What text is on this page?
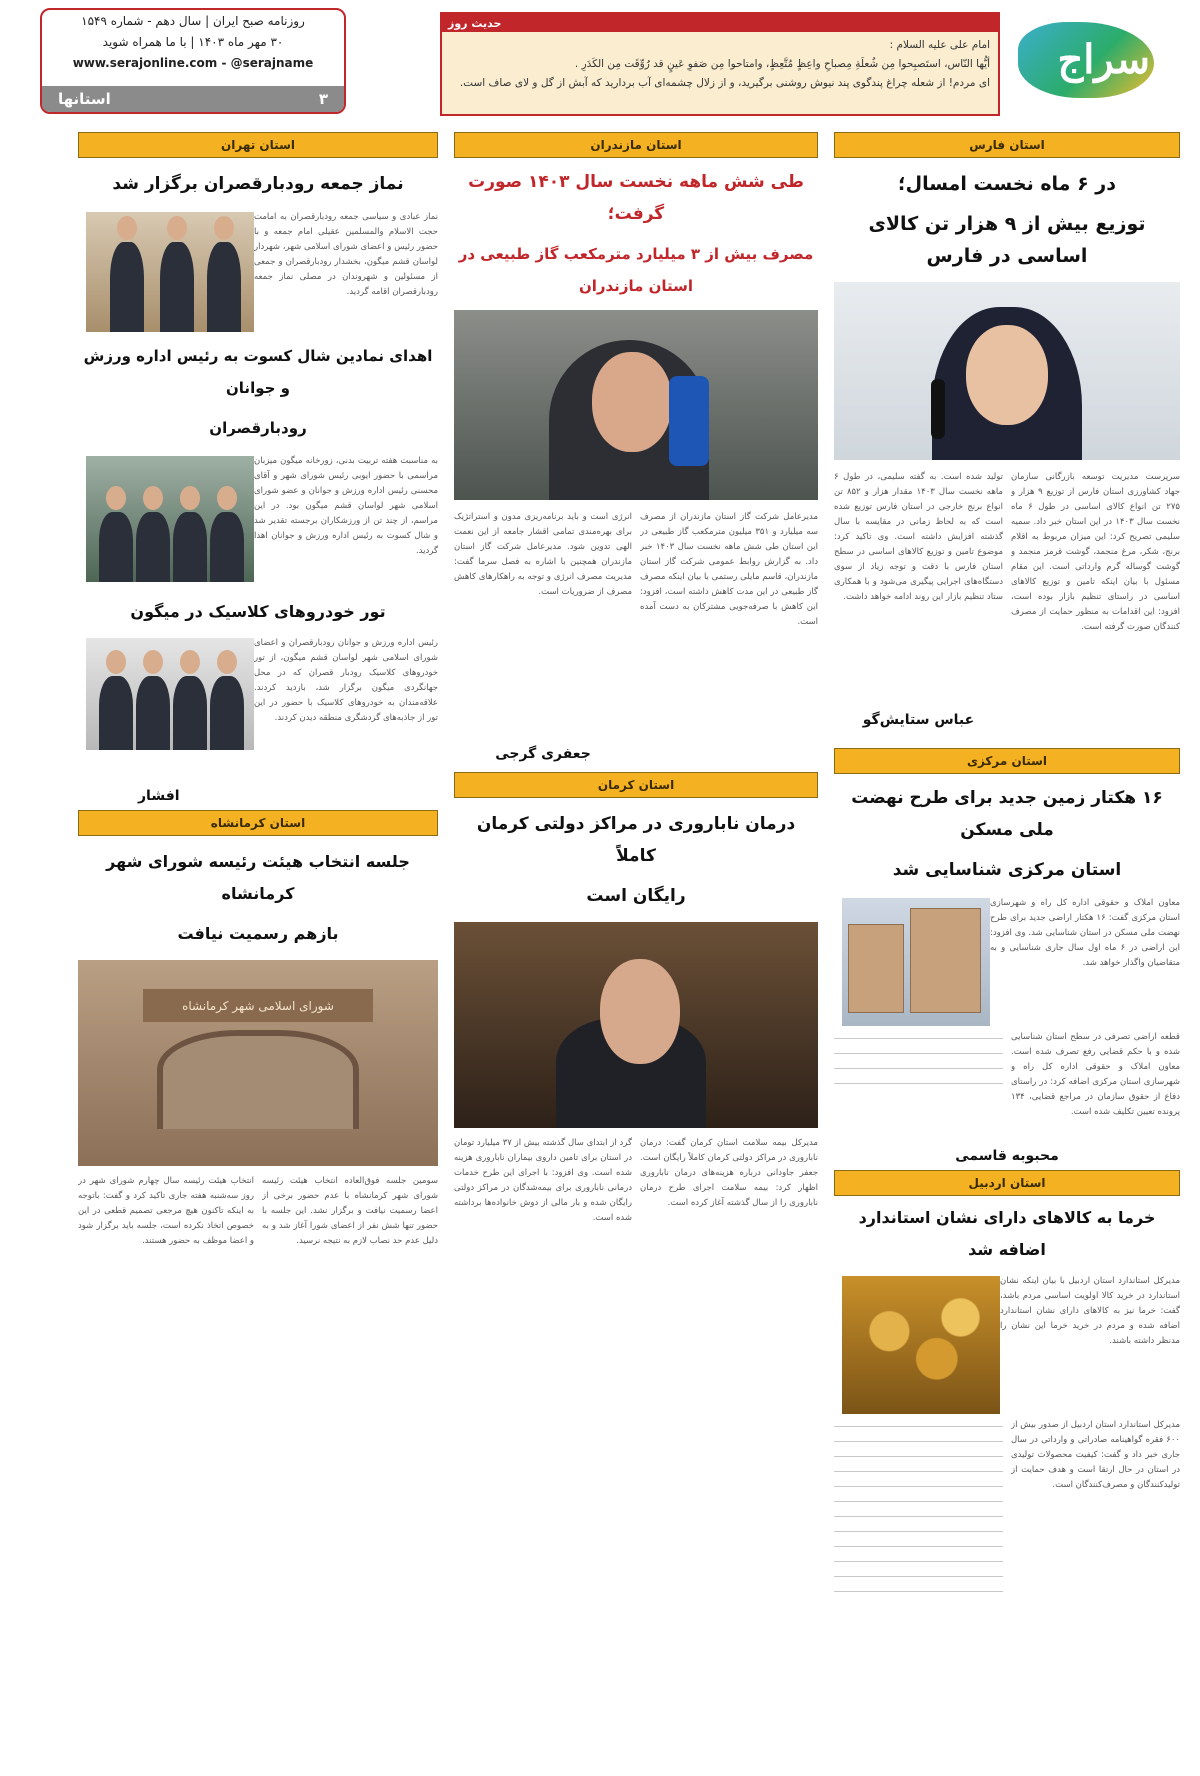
سراج
حدیث روز
امام علی علیه السلام :
أيُّها النّاس، استَصبِحوا مِن شُعلَةِ مِصباحِ واعِظٍ مُتَّعِظٍ، وامتاحوا مِن صَفوِ عَينٍ قد رُوِّقَت مِن الكَدَرِ .
ای مردم! از شعله چراغ پندگوی پند نیوش روشنی برگیرید، و از زلال چشمه‌ای آب بردارید که آبش از گل و لای صاف است.
روزنامه صبح ایران | سال دهم - شماره ۱۵۴۹
۳۰ مهر ماه ۱۴۰۳ | با ما همراه شوید
www.serajonline.com - @serajname
۳
استانها
استان فارس
در ۶ ماه نخست امسال؛
توزیع بیش از ۹ هزار تن کالای اساسی در فارس
سرپرست مدیریت توسعه بازرگانی سازمان جهاد کشاورزی استان فارس از توزیع ۹ هزار و ۲۷۵ تن انواع کالای اساسی در طول ۶ ماه نخست سال ۱۴۰۳ در این استان خبر داد. سمیه سلیمی تصریح کرد: این میزان مربوط به اقلام برنج، شکر، مرغ منجمد، گوشت قرمز منجمد و گوشت گوساله گرم وارداتی است. این مقام مسئول با بیان اینکه تامین و توزیع کالاهای اساسی در راستای تنظیم بازار بوده است، افزود: این اقدامات به منظور حمایت از مصرف کنندگان صورت گرفته است.
تولید شده است. به گفته سلیمی، در طول ۶ ماهه نخست سال ۱۴۰۳ مقدار هزار و ۸۵۲ تن انواع برنج خارجی در استان فارس توزیع شده است که به لحاظ زمانی در مقایسه با سال گذشته افزایش داشته است. وی تاکید کرد: موضوع تامین و توزیع کالاهای اساسی در سطح استان فارس با دقت و توجه زیاد از سوی دستگاه‌های اجرایی پیگیری می‌شود و با همکاری ستاد تنظیم بازار این روند ادامه خواهد داشت.
عباس ستایش‌گو
استان مرکزی
۱۶ هکتار زمین جدید برای طرح نهضت ملی مسکن
استان مرکزی شناسایی شد
معاون املاک و حقوقی اداره کل راه و شهرسازی استان مرکزی گفت: ۱۶ هکتار اراضی جدید برای طرح نهضت ملی مسکن در استان شناسایی شد. وی افزود: این اراضی در ۶ ماه اول سال جاری شناسایی و به متقاضیان واگذار خواهد شد.
قطعه اراضی تصرفی در سطح استان شناسایی شده و با حکم قضایی رفع تصرف شده است. معاون املاک و حقوقی اداره کل راه و شهرسازی استان مرکزی اضافه کرد: در راستای دفاع از حقوق سازمان در مراجع قضایی، ۱۳۴ پرونده تعیین تکلیف شده است.
محبوبه قاسمی
استان اردبیل
خرما به کالاهای دارای نشان استاندارد اضافه شد
مدیرکل استاندارد استان اردبیل با بیان اینکه نشان استاندارد در خرید کالا اولویت اساسی مردم باشد، گفت: خرما نیز به کالاهای دارای نشان استاندارد اضافه شده و مردم در خرید خرما این نشان را مدنظر داشته باشند.
مدیرکل استاندارد استان اردبیل از صدور بیش از ۶۰۰ فقره گواهینامه صادراتی و وارداتی در سال جاری خبر داد و گفت: کیفیت محصولات تولیدی در استان در حال ارتقا است و هدف حمایت از تولیدکنندگان و مصرف‌کنندگان است.
استان مازندران
طی شش ماهه نخست سال ۱۴۰۳ صورت گرفت؛
مصرف بیش از ۳ میلیارد مترمکعب گاز طبیعی در استان مازندران
مدیرعامل شرکت گاز استان مازندران از مصرف سه میلیارد و ۳۵۱ میلیون مترمکعب گاز طبیعی در این استان طی شش ماهه نخست سال ۱۴۰۳ خبر داد. به گزارش روابط عمومی شرکت گاز استان مازندران، قاسم مایلی رستمی با بیان اینکه مصرف گاز طبیعی در این مدت کاهش داشته است، افزود: این کاهش با صرفه‌جویی مشترکان به دست آمده است.
انرژی است و باید برنامه‌ریزی مدون و استراتژیک برای بهره‌مندی تمامی اقشار جامعه از این نعمت الهی تدوین شود. مدیرعامل شرکت گاز استان مازندران همچنین با اشاره به فصل سرما گفت: مدیریت مصرف انرژی و توجه به راهکارهای کاهش مصرف از ضروریات است.
جعفری گرجی
استان کرمان
درمان ناباروری در مراکز دولتی کرمان کاملاً
رایگان است
مدیرکل بیمه سلامت استان کرمان گفت: درمان ناباروری در مراکز دولتی کرمان کاملاً رایگان است. جعفر جاودانی درباره هزینه‌های درمان ناباروری اظهار کرد: بیمه سلامت اجرای طرح درمان ناباروری را از سال گذشته آغاز کرده است.
گرد از ابتدای سال گذشته بیش از ۳۷ میلیارد تومان در استان برای تامین داروی بیماران ناباروری هزینه شده است. وی افزود: با اجرای این طرح خدمات درمانی ناباروری برای بیمه‌شدگان در مراکز دولتی رایگان شده و بار مالی از دوش خانواده‌ها برداشته شده است.
استان تهران
نماز جمعه رودبارقصران برگزار شد
نماز عبادی و سیاسی جمعه رودبارقصران به امامت حجت الاسلام والمسلمین عقیلی امام جمعه و با حضور رئیس و اعضای شورای اسلامی شهر، شهردار لواسان قشم میگون، بخشدار رودبارقصران و جمعی از مسئولین و شهروندان در مصلی نماز جمعه رودبارقصران اقامه گردید.
اهدای نمادین شال کسوت به رئیس اداره ورزش و جوانان
رودبارقصران
به مناسبت هفته تربیت بدنی، زورخانه میگون میزبان مراسمی با حضور ایوبی رئیس شورای شهر و آقای محسنی رئیس اداره ورزش و جوانان و عضو شورای اسلامی شهر لواسان قشم میگون بود. در این مراسم، از چند تن از ورزشکاران برجسته تقدیر شد و شال کسوت به رئیس اداره ورزش و جوانان اهدا گردید.
تور خودروهای کلاسیک در میگون
رئیس اداره ورزش و جوانان رودبارقصران و اعضای شورای اسلامی شهر لواسان قشم میگون، از تور خودروهای کلاسیک رودبار قصران که در محل جهانگردی میگون برگزار شد، بازدید کردند. علاقه‌مندان به خودروهای کلاسیک با حضور در این تور از جاذبه‌های گردشگری منطقه دیدن کردند.
افشار
استان کرمانشاه
جلسه انتخاب هیئت رئیسه شورای شهر کرمانشاه
بازهم رسمیت نیافت
شورای اسلامی شهر کرمانشاه
سومین جلسه فوق‌العاده انتخاب هیئت رئیسه شورای شهر کرمانشاه با عدم حضور برخی از اعضا رسمیت نیافت و برگزار نشد. این جلسه با حضور تنها شش نفر از اعضای شورا آغاز شد و به دلیل عدم حد نصاب لازم به نتیجه نرسید.
انتخاب هیئت رئیسه سال چهارم شورای شهر در روز سه‌شنبه هفته جاری تاکید کرد و گفت: باتوجه به اینکه تاکنون هیچ مرجعی تصمیم قطعی در این خصوص اتخاذ نکرده است، جلسه باید برگزار شود و اعضا موظف به حضور هستند.
